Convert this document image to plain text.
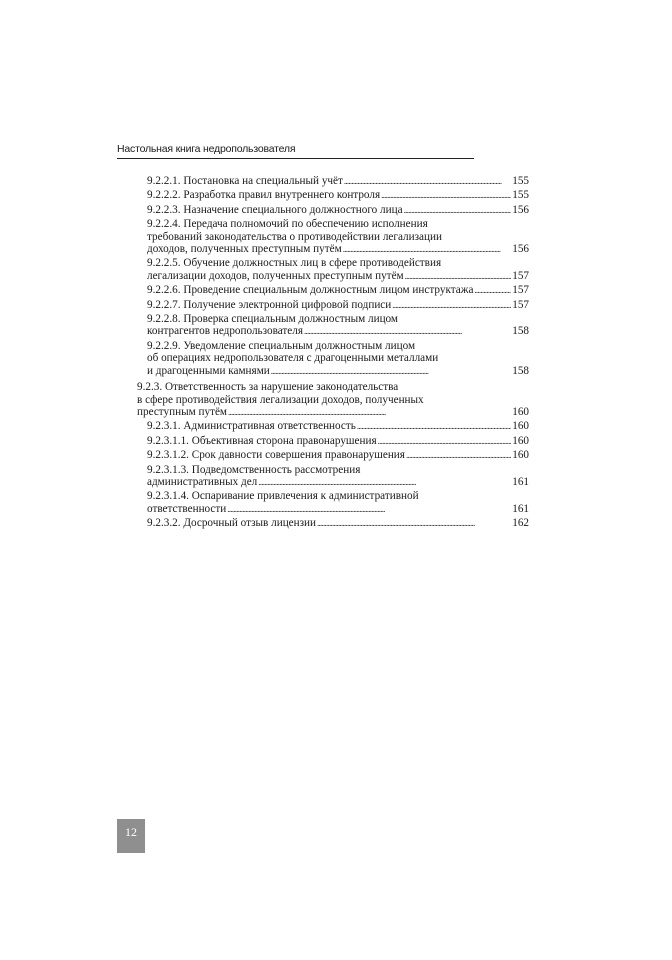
Настольная книга недропользователя
9.2.2.1. Постановка на специальный учёт . . .	155
9.2.2.2. Разработка правил внутреннего контроля . . .	155
9.2.2.3. Назначение специального должностного лица . . .	156
9.2.2.4. Передача полномочий по обеспечению исполнения
требований законодательства о противодействии легализации
доходов, полученных преступным путём . . .	156
9.2.2.5. Обучение должностных лиц в сфере противодействия
легализации доходов, полученных преступным путём . . .	157
9.2.2.6. Проведение специальным должностным лицом инструктажа . . .	157
9.2.2.7. Получение электронной цифровой подписи . . .	157
9.2.2.8. Проверка специальным должностным лицом
контрагентов недропользователя . . .	158
9.2.2.9. Уведомление специальным должностным лицом
об операциях недропользователя с драгоценными металлами
и драгоценными камнями . . .	158
9.2.3. Ответственность за нарушение законодательства
в сфере противодействия легализации доходов, полученных
преступным путём . . .	160
9.2.3.1. Административная ответственность . . .	160
9.2.3.1.1. Объективная сторона правонарушения . . .	160
9.2.3.1.2. Срок давности совершения правонарушения . . .	160
9.2.3.1.3. Подведомственность рассмотрения
административных дел . . .	161
9.2.3.1.4. Оспаривание привлечения к административной
ответственности . . .	161
9.2.3.2. Досрочный отзыв лицензии . . .	162
12
